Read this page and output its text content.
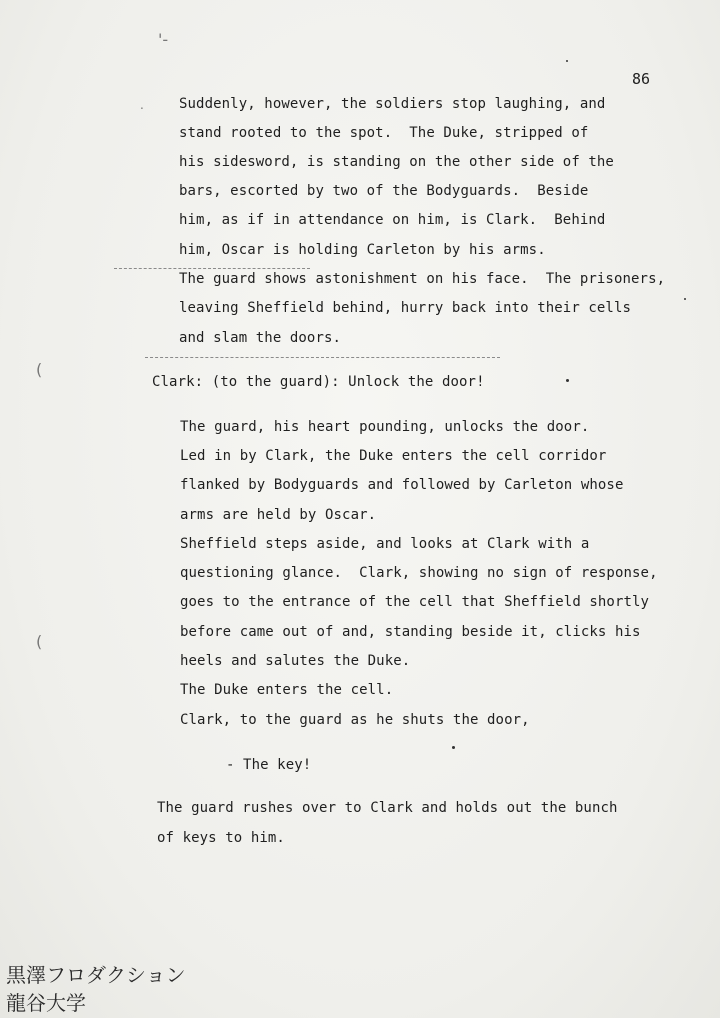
'-
.
86
Suddenly, however, the soldiers stop laughing, and
stand rooted to the spot.  The Duke, stripped of
his sidesword, is standing on the other side of the
bars, escorted by two of the Bodyguards.  Beside
him, as if in attendance on him, is Clark.  Behind
him, Oscar is holding Carleton by his arms.
The guard shows astonishment on his face.  The prisoners,
leaving Sheffield behind, hurry back into their cells
and slam the doors.
(
Clark: (to the guard): Unlock the door!
The guard, his heart pounding, unlocks the door.
Led in by Clark, the Duke enters the cell corridor
flanked by Bodyguards and followed by Carleton whose
arms are held by Oscar.
Sheffield steps aside, and looks at Clark with a
questioning glance.  Clark, showing no sign of response,
goes to the entrance of the cell that Sheffield shortly
before came out of and, standing beside it, clicks his
heels and salutes the Duke.
The Duke enters the cell.
Clark, to the guard as he shuts the door,
(
- The key!
The guard rushes over to Clark and holds out the bunch
of keys to him.
黒澤フロダクション
龍谷大学
